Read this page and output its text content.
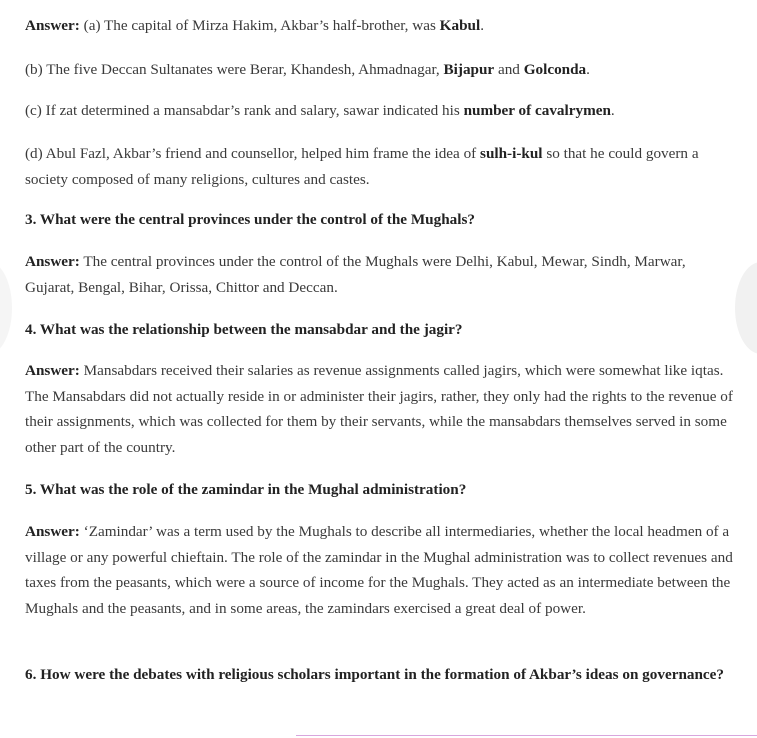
Answer: (a) The capital of Mirza Hakim, Akbar’s half-brother, was Kabul.

(b) The five Deccan Sultanates were Berar, Khandesh, Ahmadnagar, Bijapur and Golconda.

(c) If zat determined a mansabdar’s rank and salary, sawar indicated his number of cavalrymen.

(d) Abul Fazl, Akbar’s friend and counsellor, helped him frame the idea of sulh-i-kul so that he could govern a society composed of many religions, cultures and castes.

3. What were the central provinces under the control of the Mughals?

Answer: The central provinces under the control of the Mughals were Delhi, Kabul, Mewar, Sindh, Marwar, Gujarat, Bengal, Bihar, Orissa, Chittor and Deccan.

4. What was the relationship between the mansabdar and the jagir?

Answer: Mansabdars received their salaries as revenue assignments called jagirs, which were somewhat like iqtas. The Mansabdars did not actually reside in or administer their jagirs, rather, they only had the rights to the revenue of their assignments, which was collected for them by their servants, while the mansabdars themselves served in some other part of the country.

5. What was the role of the zamindar in the Mughal administration?

Answer: ‘Zamindar’ was a term used by the Mughals to describe all intermediaries, whether the local headmen of a village or any powerful chieftain. The role of the zamindar in the Mughal administration was to collect revenues and taxes from the peasants, which were a source of income for the Mughals. They acted as an intermediate between the Mughals and the peasants, and in some areas, the zamindars exercised a great deal of power.

6. How were the debates with religious scholars important in the formation of Akbar’s ideas on governance?
